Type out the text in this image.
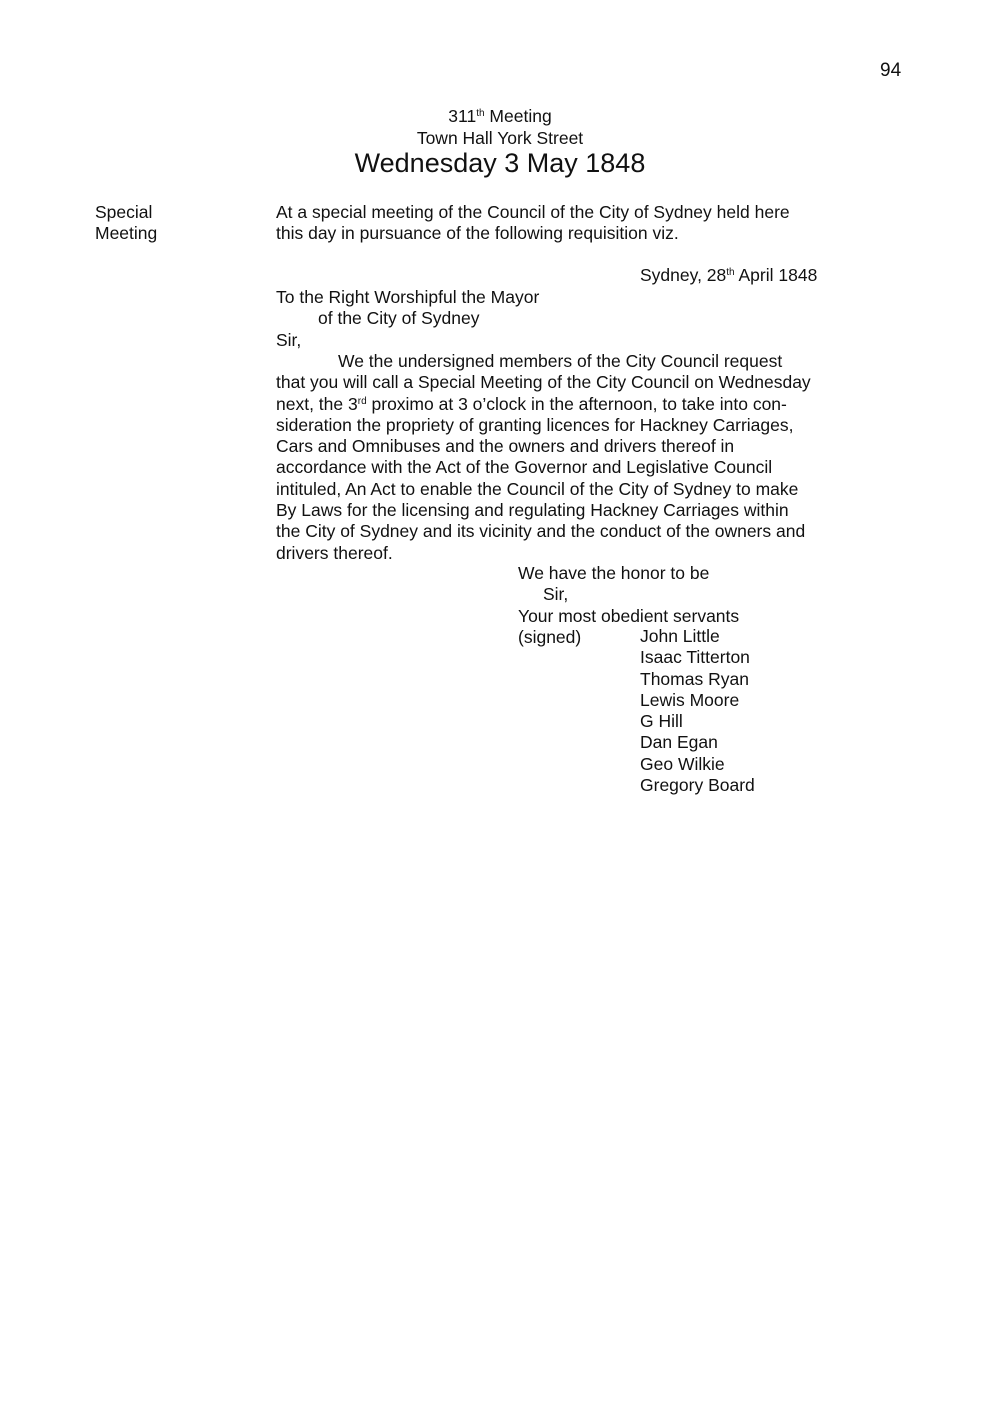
94
311th Meeting
Town Hall York Street
Wednesday 3 May 1848
Special
Meeting
At a special meeting of the Council of the City of Sydney held here
this day in pursuance of the following requisition viz.
Sydney, 28th April 1848
To the Right Worshipful the Mayor
of the City of Sydney
Sir,
We the undersigned members of the City Council request
that you will call a Special Meeting of the City Council on Wednesday
next, the 3rd proximo at 3 o’clock in the afternoon, to take into con-
sideration the propriety of granting licences for Hackney Carriages,
Cars and Omnibuses and the owners and drivers thereof in
accordance with the Act of the Governor and Legislative Council
intituled, An Act to enable the Council of the City of Sydney to make
By Laws for the licensing and regulating Hackney Carriages within
the City of Sydney and its vicinity and the conduct of the owners and
drivers thereof.
We have the honor to be
Sir,
Your most obedient servants
(signed)	John Little
Isaac Titterton
Thomas Ryan
Lewis Moore
G Hill
Dan Egan
Geo Wilkie
Gregory Board
